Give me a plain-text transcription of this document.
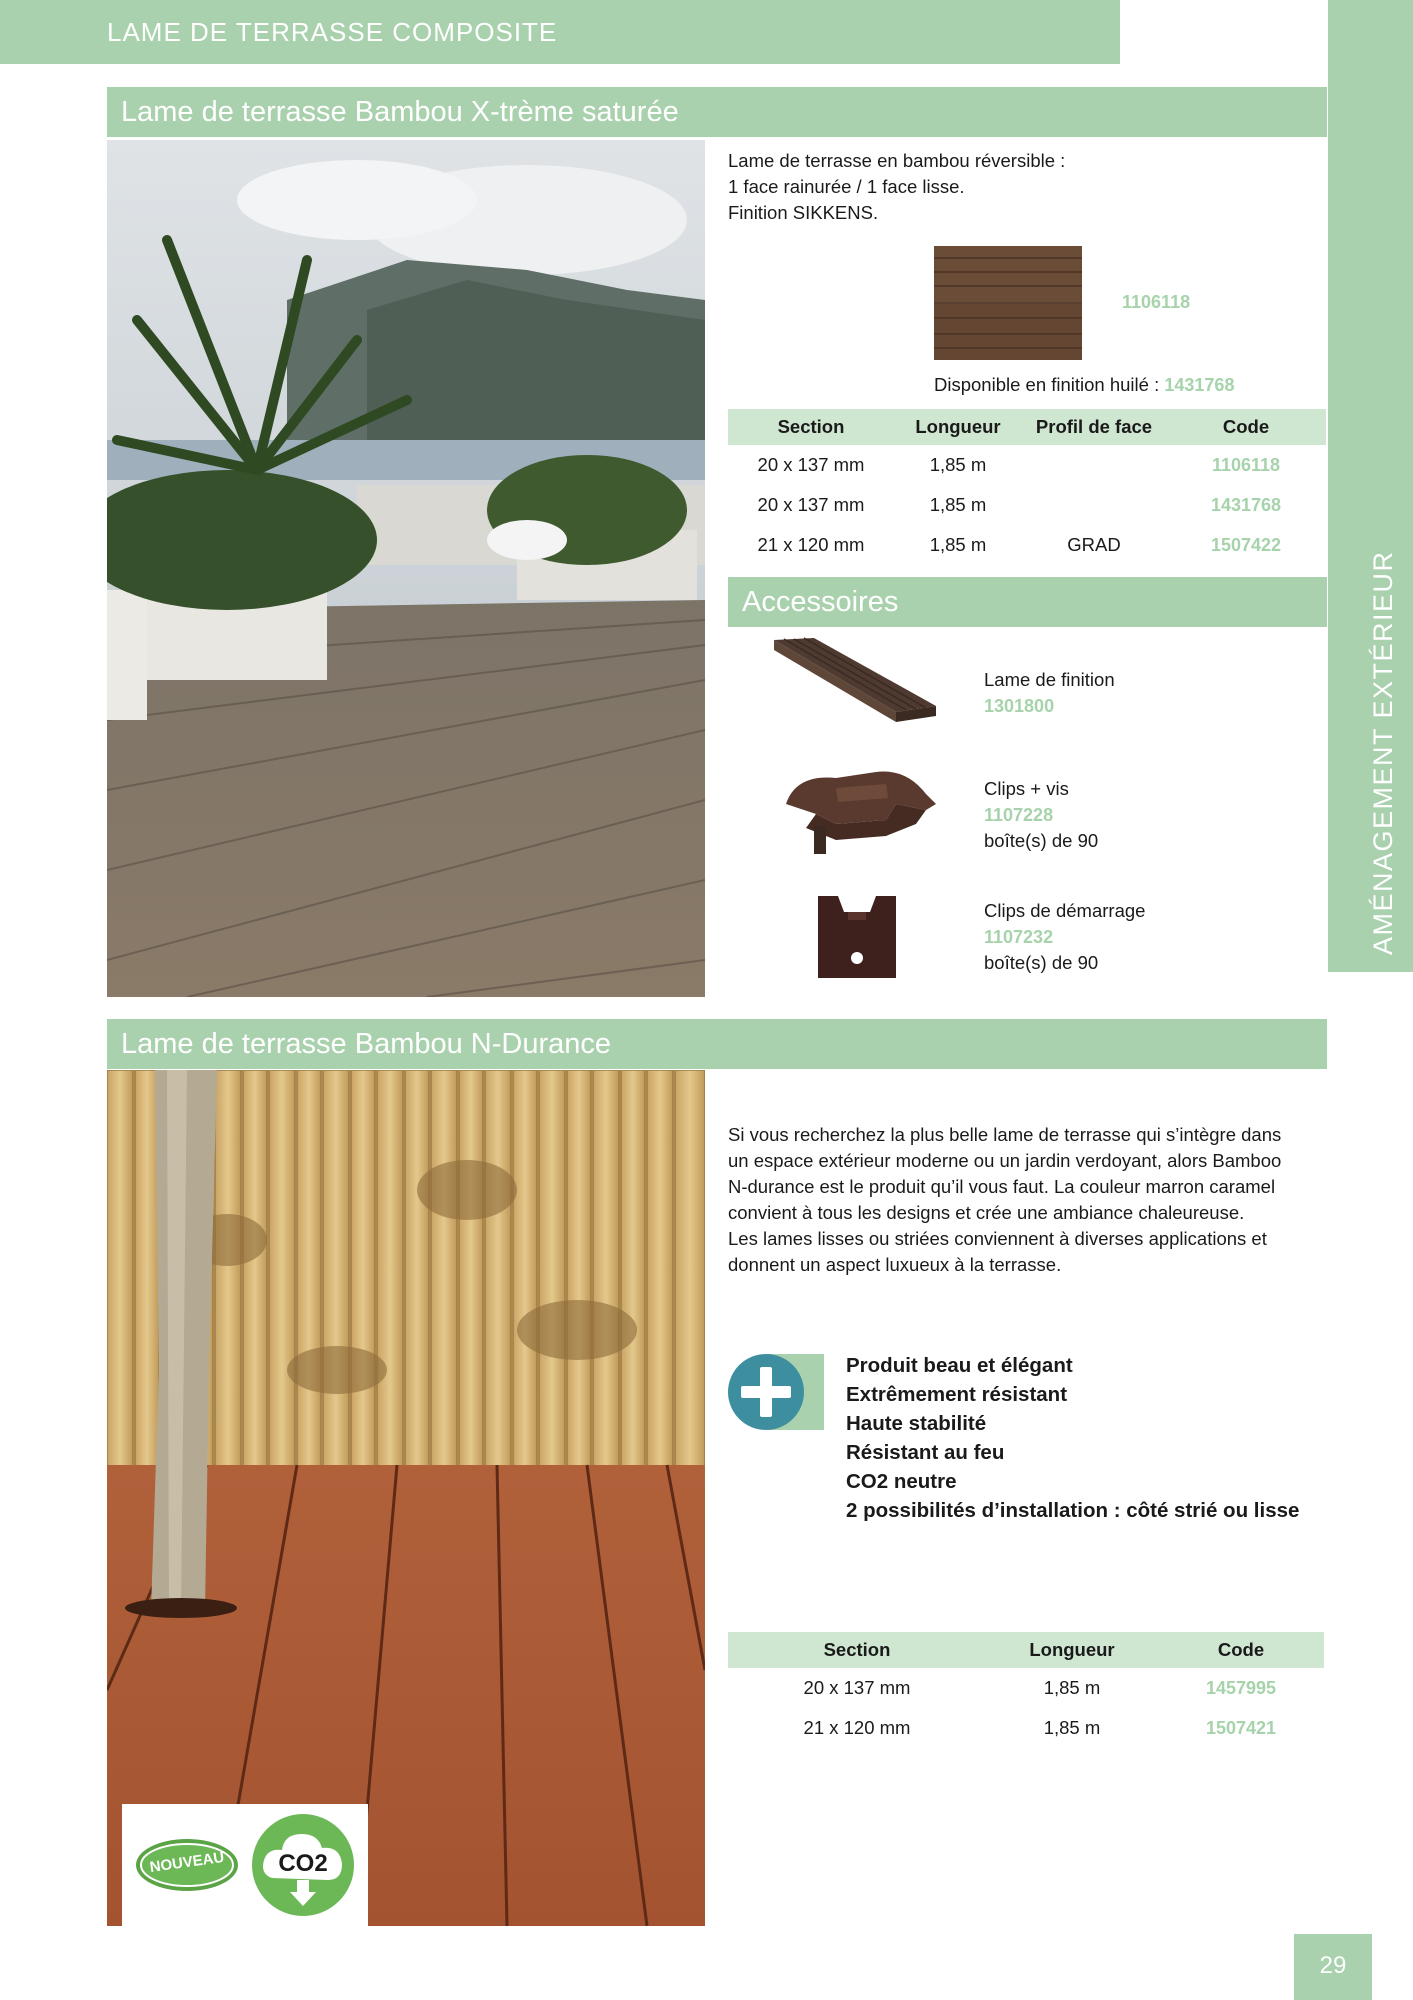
LAME DE TERRASSE COMPOSITE
AMÉNAGEMENT EXTÉRIEUR
Lame de terrasse Bambou X-trème saturée
Lame de terrasse en bambou réversible :
1 face rainurée / 1 face lisse.
Finition SIKKENS.
1106118
Disponible en finition huilé : 1431768
Section	Longueur	Profil de face	Code
20 x 137 mm	1,85 m		1106118
20 x 137 mm	1,85 m		1431768
21 x 120 mm	1,85 m	GRAD	1507422
Accessoires
Lame de finition
1301800
Clips + vis
1107228
boîte(s) de 90
Clips de démarrage
1107232
boîte(s) de 90
Lame de terrasse Bambou N-Durance
NOUVEAU	CO2
Si vous recherchez la plus belle lame de terrasse qui s’intègre dans
un espace extérieur moderne ou un jardin verdoyant, alors Bamboo
N-durance est le produit qu’il vous faut. La couleur marron caramel
convient à tous les designs et crée une ambiance chaleureuse.
Les lames lisses ou striées conviennent à diverses applications et
donnent un aspect luxueux à la terrasse.
Produit beau et élégant
Extrêmement résistant
Haute stabilité
Résistant au feu
CO2 neutre
2 possibilités d’installation : côté strié ou lisse
Section	Longueur	Code
20 x 137 mm	1,85 m	1457995
21 x 120 mm	1,85 m	1507421
29
